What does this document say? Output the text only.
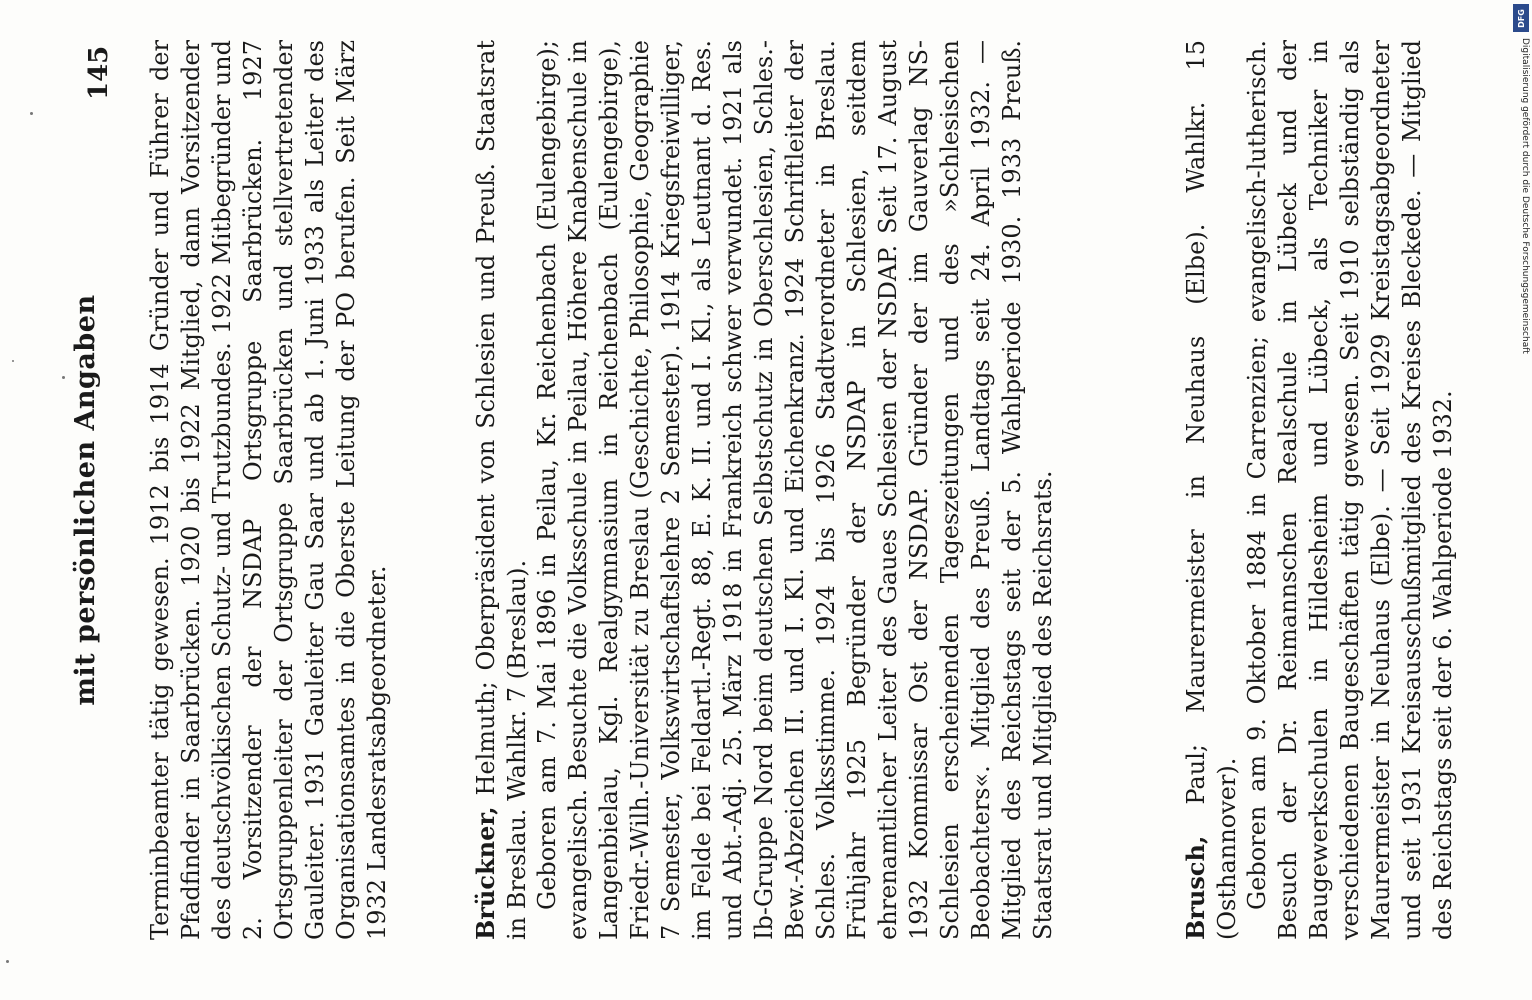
mit persönlichen Angaben
145 Terminbeamter tätig gewesen. 1912 bis 1914 Gründer und Führer der Pfadfinder in Saarbrücken. 1920 bis 1922 Mitglied, dann Vorsitzender des deutschvölkischen Schutz- und Trutzbundes. 1922 Mitbegründer und 2. Vorsitzender der NSDAP Ortsgruppe Saarbrücken. 1927 Ortsgruppenleiter der Ortsgruppe Saarbrücken und stellvertretender Gauleiter. 1931 Gauleiter Gau Saar und ab 1. Juni 1933 als Leiter des Organisationsamtes in die Oberste Leitung der PO berufen. Seit März 1932 Landesratsabgeordneter.	Brückner, Helmuth; Oberpräsident von Schlesien und Preuß. Staatsrat in Breslau. Wahlkr. 7 (Breslau). Geboren am 7. Mai 1896 in Peilau, Kr. Reichenbach (Eulengebirge); evangelisch. Besuchte die Volksschule in Peilau, Höhere Knabenschule in Langenbielau, Kgl. Realgymnasium in Reichenbach (Eulengebirge), Friedr.-Wilh.-Universität zu Breslau (Geschichte, Philosophie, Geographie 7 Semester, Volkswirtschaftslehre 2 Semester). 1914 Kriegsfreiwilliger, im Felde bei Feldartl.-Regt. 88, E. K. II. und I. Kl., als Leutnant d. Res. und Abt.-Adj. 25. März 1918 in Frankreich schwer verwundet. 1921 als Ib-Gruppe Nord beim deutschen Selbstschutz in Oberschlesien, Schles.-Bew.-Abzeichen II. und I. Kl. und Eichenkranz. 1924 Schriftleiter der Schles. Volksstimme. 1924 bis 1926 Stadtverordneter in Breslau. Frühjahr 1925 Begründer der NSDAP in Schlesien, seitdem ehrenamtlicher Leiter des Gaues Schlesien der NSDAP. Seit 17. August 1932 Kommissar Ost der NSDAP. Gründer der im Gauverlag NS-Schlesien erscheinenden Tageszeitungen und des »Schlesischen Beobachters«. Mitglied des Preuß. Landtags seit 24. April 1932. — Mitglied des Reichstags seit der 5. Wahlperiode 1930. 1933 Preuß. Staatsrat und Mitglied des Reichsrats.	Brusch, Paul; Maurermeister in Neuhaus (Elbe). Wahlkr. 15 (Osthannover). Geboren am 9. Oktober 1884 in Carrenzien; evangelisch-lutherisch. Besuch der Dr. Reimannschen Realschule in Lübeck und der Baugewerkschulen in Hildesheim und Lübeck, als Techniker in verschiedenen Baugeschäften tätig gewesen. Seit 1910 selbständig als Maurermeister in Neuhaus (Elbe). — Seit 1929 Kreistagsabgeordneter und seit 1931 Kreisausschußmitglied des Kreises Bleckede. — Mitglied des Reichstags seit der 6. Wahlperiode 1932.

DFG
Digitalisierung gefördert durch die Deutsche Forschungsgemeinschaft
